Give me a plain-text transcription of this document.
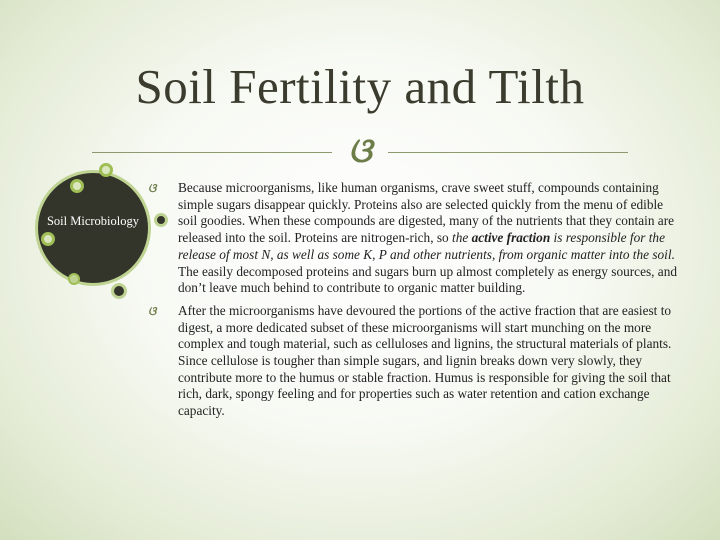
Soil Fertility and Tilth
ଓ
Soil Microbiology
ଓ	Because microorganisms, like human organisms, crave sweet stuff, compounds containing simple sugars disappear quickly. Proteins also are selected quickly from the menu of edible soil goodies. When these compounds are digested, many of the nutrients that they contain are released into the soil. Proteins are nitrogen-rich, so the active fraction is responsible for the release of most N, as well as some K, P and other nutrients, from organic matter into the soil. The easily decomposed proteins and sugars burn up almost completely as energy sources, and don’t leave much behind to contribute to organic matter building.
ଓ	After the microorganisms have devoured the portions of the active fraction that are easiest to digest, a more dedicated subset of these microorganisms will start munching on the more complex and tough material, such as celluloses and lignins, the structural materials of plants. Since cellulose is tougher than simple sugars, and lignin breaks down very slowly, they contribute more to the humus or stable fraction. Humus is responsible for giving the soil that rich, dark, spongy feeling and for properties such as water retention and cation exchange capacity.
